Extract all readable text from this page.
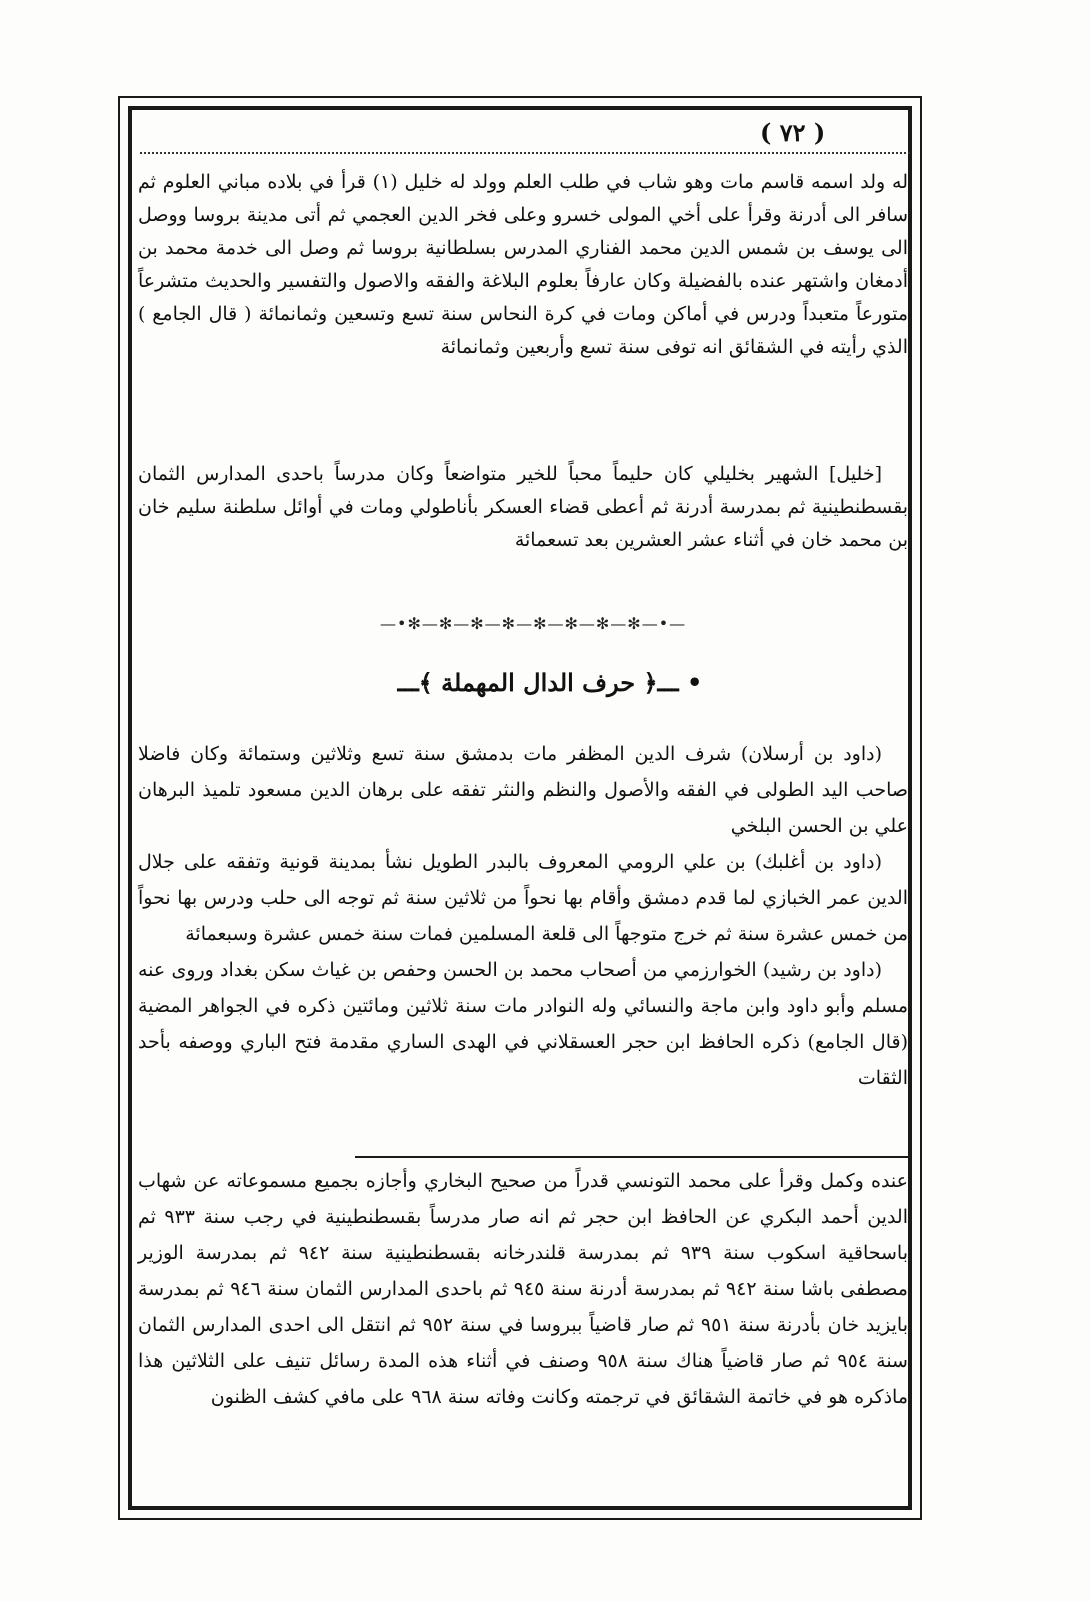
( ٧٢ )

له ولد اسمه قاسم مات وهو شاب في طلب العلم وولد له خليل (١) قرأ في بلاده مباني العلوم ثم سافر الى أدرنة وقرأ على أخي المولى خسرو وعلى فخر الدين العجمي ثم أتى مدينة بروسا ووصل الى يوسف بن شمس الدين محمد الفناري المدرس بسلطانية بروسا ثم وصل الى خدمة محمد بن أدمغان واشتهر عنده بالفضيلة وكان عارفاً بعلوم البلاغة والفقه والاصول والتفسير والحديث متشرعاً متورعاً متعبداً ودرس في أماكن ومات في كرة النحاس سنة تسع وتسعين وثمانمائة ( قال الجامع ) الذي رأيته في الشقائق انه توفى سنة تسع وأربعين وثمانمائة

[خليل] الشهير بخليلي كان حليماً محباً للخير متواضعاً وكان مدرساً باحدى المدارس الثمان بقسطنطينية ثم بمدرسة أدرنة ثم أعطى قضاء العسكر بأناطولي ومات في أوائل سلطنة سليم خان بن محمد خان في أثناء عشر العشرين بعد تسعمائة

—•✻—✻—✻—✻—✻—✻—✻—✻—•—
• ـــ﴿ حرف الدال المهملة ﴾ـــ

(داود بن أرسلان) شرف الدين المظفر مات بدمشق سنة تسع وثلاثين وستمائة وكان فاضلا صاحب اليد الطولى في الفقه والأصول والنظم والنثر تفقه على برهان الدين مسعود تلميذ البرهان علي بن الحسن البلخي

(داود بن أغلبك) بن علي الرومي المعروف بالبدر الطويل نشأ بمدينة قونية وتفقه على جلال الدين عمر الخبازي لما قدم دمشق وأقام بها نحواً من ثلاثين سنة ثم توجه الى حلب ودرس بها نحواً من خمس عشرة سنة ثم خرج متوجهاً الى قلعة المسلمين فمات سنة خمس عشرة وسبعمائة

(داود بن رشيد) الخوارزمي من أصحاب محمد بن الحسن وحفص بن غياث سكن بغداد وروى عنه مسلم وأبو داود وابن ماجة والنسائي وله النوادر مات سنة ثلاثين ومائتين ذكره في الجواهر المضية (قال الجامع) ذكره الحافظ ابن حجر العسقلاني في الهدى الساري مقدمة فتح الباري ووصفه بأحد الثقات

عنده وكمل وقرأ على محمد التونسي قدراً من صحيح البخاري وأجازه بجميع مسموعاته عن شهاب الدين أحمد البكري عن الحافظ ابن حجر ثم انه صار مدرساً بقسطنطينية في رجب سنة ٩٣٣ ثم باسحاقية اسكوب سنة ٩٣٩ ثم بمدرسة قلندرخانه بقسطنطينية سنة ٩٤٢ ثم بمدرسة الوزير مصطفى باشا سنة ٩٤٢ ثم بمدرسة أدرنة سنة ٩٤٥ ثم باحدى المدارس الثمان سنة ٩٤٦ ثم بمدرسة بايزيد خان بأدرنة سنة ٩٥١ ثم صار قاضياً ببروسا في سنة ٩٥٢ ثم انتقل الى احدى المدارس الثمان سنة ٩٥٤ ثم صار قاضياً هناك سنة ٩٥٨ وصنف في أثناء هذه المدة رسائل تنيف على الثلاثين هذا ماذكره هو في خاتمة الشقائق في ترجمته وكانت وفاته سنة ٩٦٨ على مافي كشف الظنون
